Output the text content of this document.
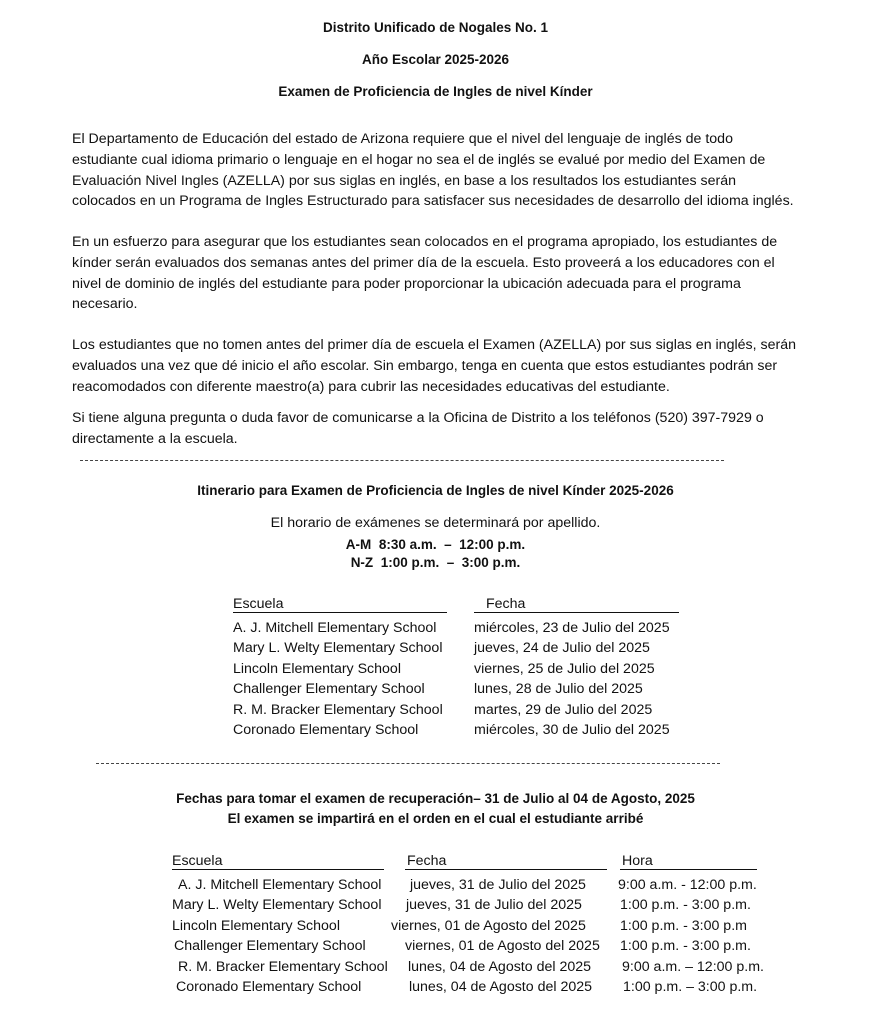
Distrito Unificado de Nogales No. 1
Año Escolar 2025-2026
Examen de Proficiencia de Ingles de nivel Kínder

El Departamento de Educación del estado de Arizona requiere que el nivel del lenguaje de inglés de todo estudiante cual idioma primario o lenguaje en el hogar no sea el de inglés se evalué por medio del Examen de Evaluación Nivel Ingles (AZELLA) por sus siglas en inglés, en base a los resultados los estudiantes serán colocados en un Programa de Ingles Estructurado para satisfacer sus necesidades de desarrollo del idioma inglés.

En un esfuerzo para asegurar que los estudiantes sean colocados en el programa apropiado, los estudiantes de kínder serán evaluados dos semanas antes del primer día de la escuela. Esto proveerá a los educadores con el nivel de dominio de inglés del estudiante para poder proporcionar la ubicación adecuada para el programa necesario.

Los estudiantes que no tomen antes del primer día de escuela el Examen (AZELLA) por sus siglas en inglés, serán evaluados una vez que dé inicio el año escolar. Sin embargo, tenga en cuenta que estos estudiantes podrán ser reacomodados con diferente maestro(a) para cubrir las necesidades educativas del estudiante.

Si tiene alguna pregunta o duda favor de comunicarse a la Oficina de Distrito a los teléfonos (520) 397-7929 o directamente a la escuela.

Itinerario para Examen de Proficiencia de Ingles de nivel Kínder 2025-2026
El horario de exámenes se determinará por apellido.
A-M 8:30 a.m. – 12:00 p.m.
N-Z 1:00 p.m. – 3:00 p.m.
Escuela
A. J. Mitchell Elementary School
Mary L. Welty Elementary School
Lincoln Elementary School
Challenger Elementary School
R. M. Bracker Elementary School
Coronado Elementary School
Fecha
miércoles, 23 de Julio del 2025
jueves, 24 de Julio del 2025
viernes, 25 de Julio del 2025
lunes, 28 de Julio del 2025
martes, 29 de Julio del 2025
miércoles, 30 de Julio del 2025
Fechas para tomar el examen de recuperación– 31 de Julio al 04 de Agosto, 2025
El examen se impartirá en el orden en el cual el estudiante arribé
Escuela
A. J. Mitchell Elementary School
Mary L. Welty Elementary School
Lincoln Elementary School
Challenger Elementary School
R. M. Bracker Elementary School
Coronado Elementary School
Fecha
jueves, 31 de Julio del 2025
jueves, 31 de Julio del 2025
viernes, 01 de Agosto del 2025
viernes, 01 de Agosto del 2025
lunes, 04 de Agosto del 2025
lunes, 04 de Agosto del 2025
Hora
9:00 a.m. - 12:00 p.m.
1:00 p.m. - 3:00 p.m.
1:00 p.m. - 3:00 p.m
1:00 p.m. - 3:00 p.m.
9:00 a.m. – 12:00 p.m.
1:00 p.m. – 3:00 p.m.
